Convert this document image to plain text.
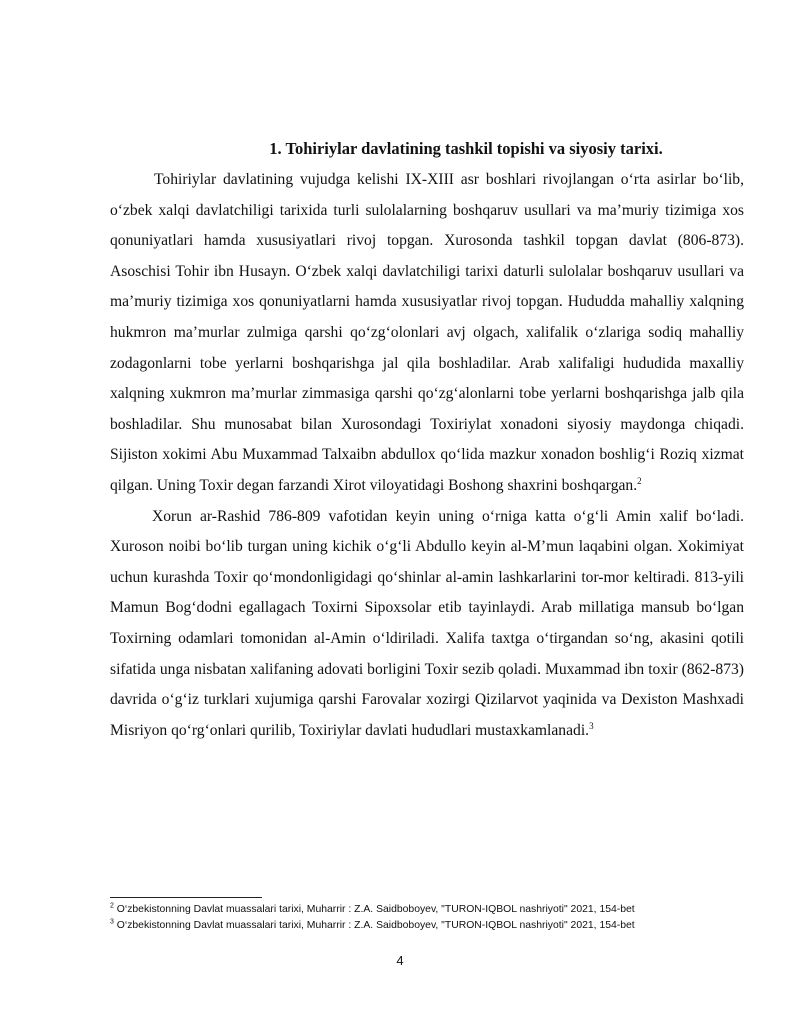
1. Tohiriylar davlatining tashkil topishi va siyosiy tarixi.

Tohiriylar davlatining vujudga kelishi IX-XIII asr boshlari rivojlangan o‘rta asirlar bo‘lib, o‘zbek xalqi davlatchiligi tarixida turli sulolalarning boshqaruv usullari va ma’muriy tizimiga xos qonuniyatlari hamda xususiyatlari rivoj topgan. Xurosonda tashkil topgan davlat (806-873). Asoschisi Tohir ibn Husayn. O‘zbek xalqi davlatchiligi tarixi daturli sulolalar boshqaruv usullari va ma’muriy tizimiga xos qonuniyatlarni hamda xususiyatlar rivoj topgan. Hududda mahalliy xalqning hukmron ma’murlar zulmiga qarshi qo‘zg‘olonlari avj olgach, xalifalik o‘zlariga sodiq mahalliy zodagonlarni tobe yerlarni boshqarishga jal qila boshladilar. Arab xalifaligi hududida maxalliy xalqning xukmron ma’murlar zimmasiga qarshi qo‘zg‘alonlarni tobe yerlarni boshqarishga jalb qila boshladilar. Shu munosabat bilan Xurosondagi Toxiriylat xonadoni siyosiy maydonga chiqadi. Sijiston xokimi Abu Muxammad Talxaibn abdullox qo‘lida mazkur xonadon boshlig‘i Roziq xizmat qilgan. Uning Toxir degan farzandi Xirot viloyatidagi Boshong shaxrini boshqargan.$^2$

Xorun ar-Rashid 786-809 vafotidan keyin uning o‘rniga katta o‘g‘li Amin xalif bo‘ladi. Xuroson noibi bo‘lib turgan uning kichik o‘g‘li Abdullo keyin al-M’mun laqabini olgan. Xokimiyat uchun kurashda Toxir qo‘mondonligidagi qo‘shinlar al-amin lashkarlarini tor-mor keltiradi. 813-yili Mamun Bog‘dodni egallagach Toxirni Sipoxsolar etib tayinlaydi. Arab millatiga mansub bo‘lgan Toxirning odamlari tomonidan al-Amin o‘ldiriladi. Xalifa taxtga o‘tirgandan so‘ng, akasini qotili sifatida unga nisbatan xalifaning adovati borligini Toxir sezib qoladi. Muxammad ibn toxir (862-873) davrida o‘g‘iz turklari xujumiga qarshi Farovalar xozirgi Qizilarvot yaqinida va Dexiston Mashxadi Misriyon qo‘rg‘onlari qurilib, Toxiriylar davlati hududlari mustaxkamlanadi.$^3$

$^2$ O‘zbekistonning Davlat muassalari tarixi, Muharrir : Z.A. Saidboboyev, "TURON-IQBOL nashriyoti" 2021, 154-bet
$^3$ O‘zbekistonning Davlat muassalari tarixi, Muharrir : Z.A. Saidboboyev, "TURON-IQBOL nashriyoti" 2021, 154-bet
4
